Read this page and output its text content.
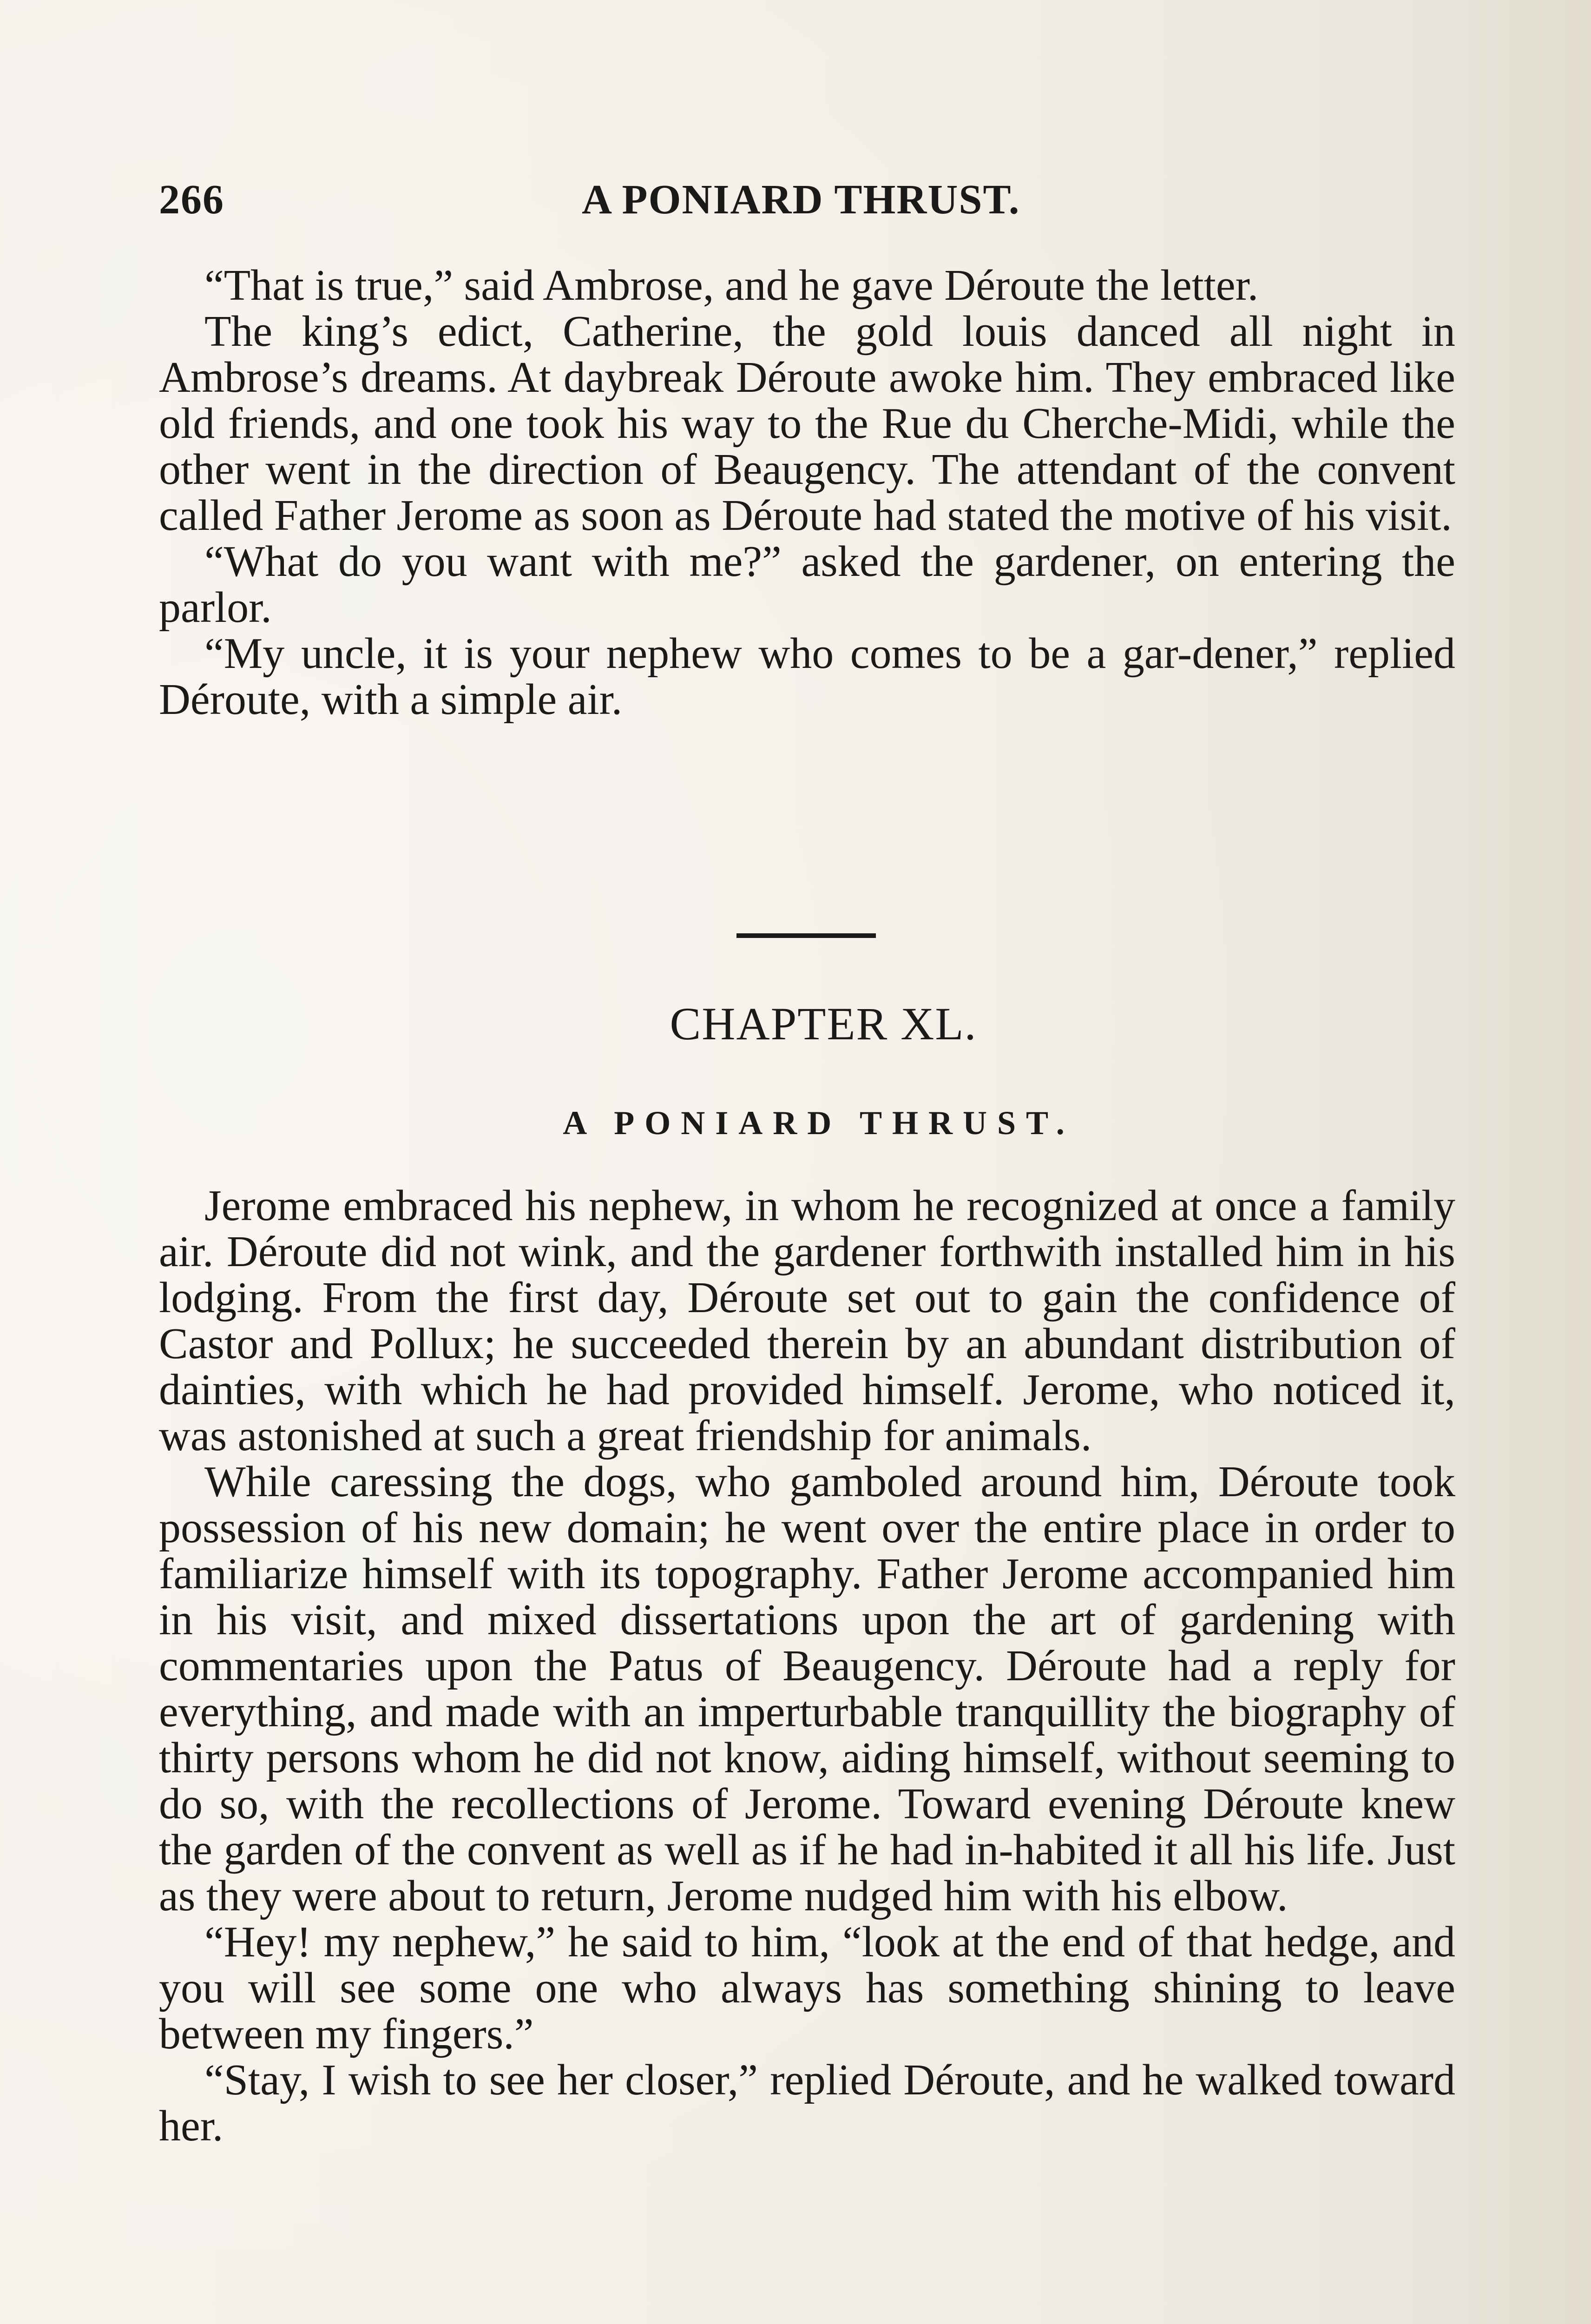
266	A PONIARD THRUST.

“That is true,” said Ambrose, and he gave Déroute the letter.

The king’s edict, Catherine, the gold louis danced all night in Ambrose’s dreams. At daybreak Déroute awoke him. They embraced like old friends, and one took his way to the Rue du Cherche-Midi, while the other went in the direction of Beaugency. The attendant of the convent called Father Jerome as soon as Déroute had stated the motive of his visit.

“What do you want with me?” asked the gardener, on entering the parlor.

“My uncle, it is your nephew who comes to be a gar-dener,” replied Déroute, with a simple air.

CHAPTER XL.
A PONIARD THRUST.

Jerome embraced his nephew, in whom he recognized at once a family air. Déroute did not wink, and the gardener forthwith installed him in his lodging. From the first day, Déroute set out to gain the confidence of Castor and Pollux; he succeeded therein by an abundant distribution of dainties, with which he had provided himself. Jerome, who noticed it, was astonished at such a great friendship for animals.

While caressing the dogs, who gamboled around him, Déroute took possession of his new domain; he went over the entire place in order to familiarize himself with its topography. Father Jerome accompanied him in his visit, and mixed dissertations upon the art of gardening with commentaries upon the Patus of Beaugency. Déroute had a reply for everything, and made with an imperturbable tranquillity the biography of thirty persons whom he did not know, aiding himself, without seeming to do so, with the recollections of Jerome. Toward evening Déroute knew the garden of the convent as well as if he had in-habited it all his life. Just as they were about to return, Jerome nudged him with his elbow.

“Hey! my nephew,” he said to him, “look at the end of that hedge, and you will see some one who always has something shining to leave between my fingers.”

“Stay, I wish to see her closer,” replied Déroute, and he walked toward her.
